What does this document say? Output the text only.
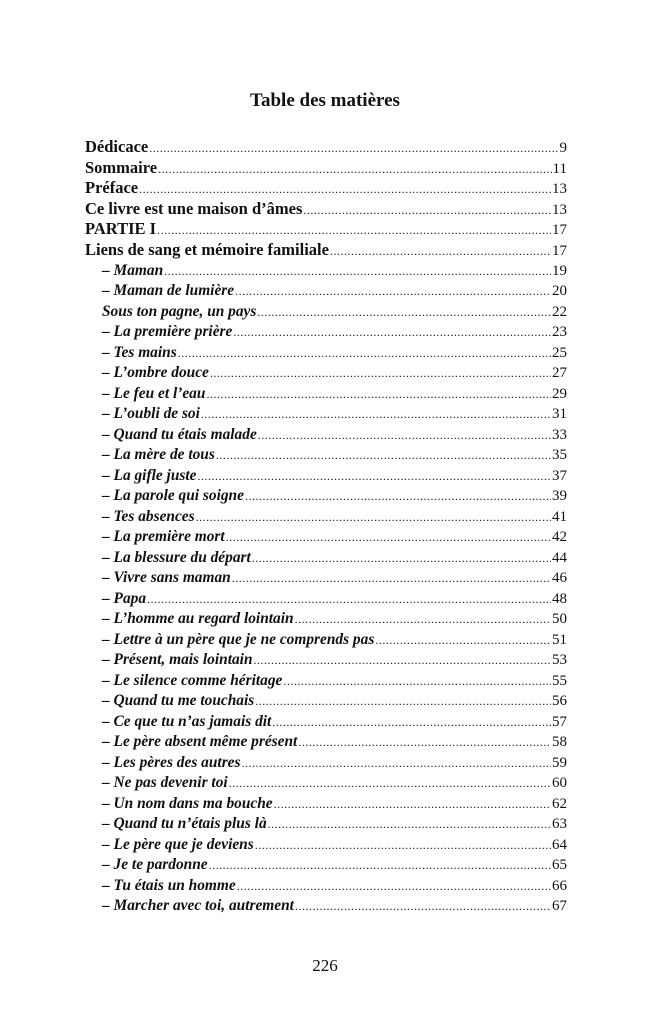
Table des matières
Dédicace .....	9
Sommaire .....	11
Préface .....	13
Ce livre est une maison d’âmes .....	13
PARTIE I .....	17
Liens de sang et mémoire familiale .....	17
– Maman .....	19
– Maman de lumière .....	20
Sous ton pagne, un pays .....	22
– La première prière .....	23
– Tes mains .....	25
– L’ombre douce .....	27
– Le feu et l’eau .....	29
– L’oubli de soi .....	31
– Quand tu étais malade .....	33
– La mère de tous .....	35
– La gifle juste .....	37
– La parole qui soigne .....	39
– Tes absences .....	41
– La première mort .....	42
– La blessure du départ .....	44
– Vivre sans maman .....	46
– Papa .....	48
– L’homme au regard lointain .....	50
– Lettre à un père que je ne comprends pas .....	51
– Présent, mais lointain .....	53
– Le silence comme héritage .....	55
– Quand tu me touchais .....	56
– Ce que tu n’as jamais dit .....	57
– Le père absent même présent .....	58
– Les pères des autres .....	59
– Ne pas devenir toi .....	60
– Un nom dans ma bouche .....	62
– Quand tu n’étais plus là .....	63
– Le père que je deviens .....	64
– Je te pardonne .....	65
– Tu étais un homme .....	66
– Marcher avec toi, autrement .....	67
226
